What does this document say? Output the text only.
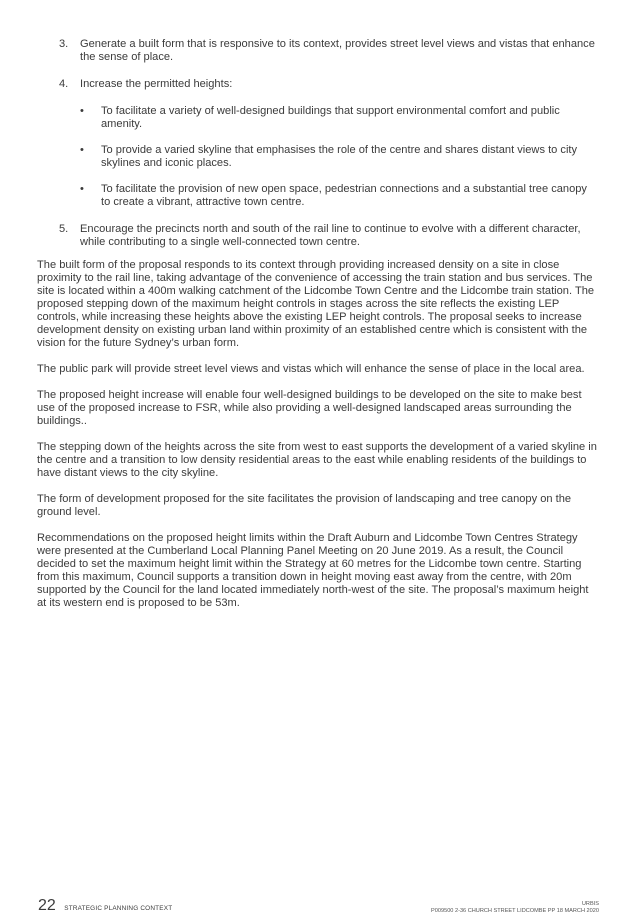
3. Generate a built form that is responsive to its context, provides street level views and vistas that enhance the sense of place.
4. Increase the permitted heights:
• To facilitate a variety of well-designed buildings that support environmental comfort and public amenity.
• To provide a varied skyline that emphasises the role of the centre and shares distant views to city skylines and iconic places.
• To facilitate the provision of new open space, pedestrian connections and a substantial tree canopy to create a vibrant, attractive town centre.
5. Encourage the precincts north and south of the rail line to continue to evolve with a different character, while contributing to a single well-connected town centre.

The built form of the proposal responds to its context through providing increased density on a site in close proximity to the rail line, taking advantage of the convenience of accessing the train station and bus services. The site is located within a 400m walking catchment of the Lidcombe Town Centre and the Lidcombe train station. The proposed stepping down of the maximum height controls in stages across the site reflects the existing LEP controls, while increasing these heights above the existing LEP height controls. The proposal seeks to increase development density on existing urban land within proximity of an established centre which is consistent with the vision for the future Sydney’s urban form.

The public park will provide street level views and vistas which will enhance the sense of place in the local area.

The proposed height increase will enable four well-designed buildings to be developed on the site to make best use of the proposed increase to FSR, while also providing a well-designed landscaped areas surrounding the buildings..

The stepping down of the heights across the site from west to east supports the development of a varied skyline in the centre and a transition to low density residential areas to the east while enabling residents of the buildings to have distant views to the city skyline.

The form of development proposed for the site facilitates the provision of landscaping and tree canopy on the ground level.

Recommendations on the proposed height limits within the Draft Auburn and Lidcombe Town Centres Strategy were presented at the Cumberland Local Planning Panel Meeting on 20 June 2019. As a result, the Council decided to set the maximum height limit within the Strategy at 60 metres for the Lidcombe town centre. Starting from this maximum, Council supports a transition down in height moving east away from the centre, with 20m supported by the Council for the land located immediately north-west of the site. The proposal’s maximum height at its western end is proposed to be 53m.

22 STRATEGIC PLANNING CONTEXT
URBIS
P009500 2-36 CHURCH STREET LIDCOMBE PP 18 MARCH 2020
